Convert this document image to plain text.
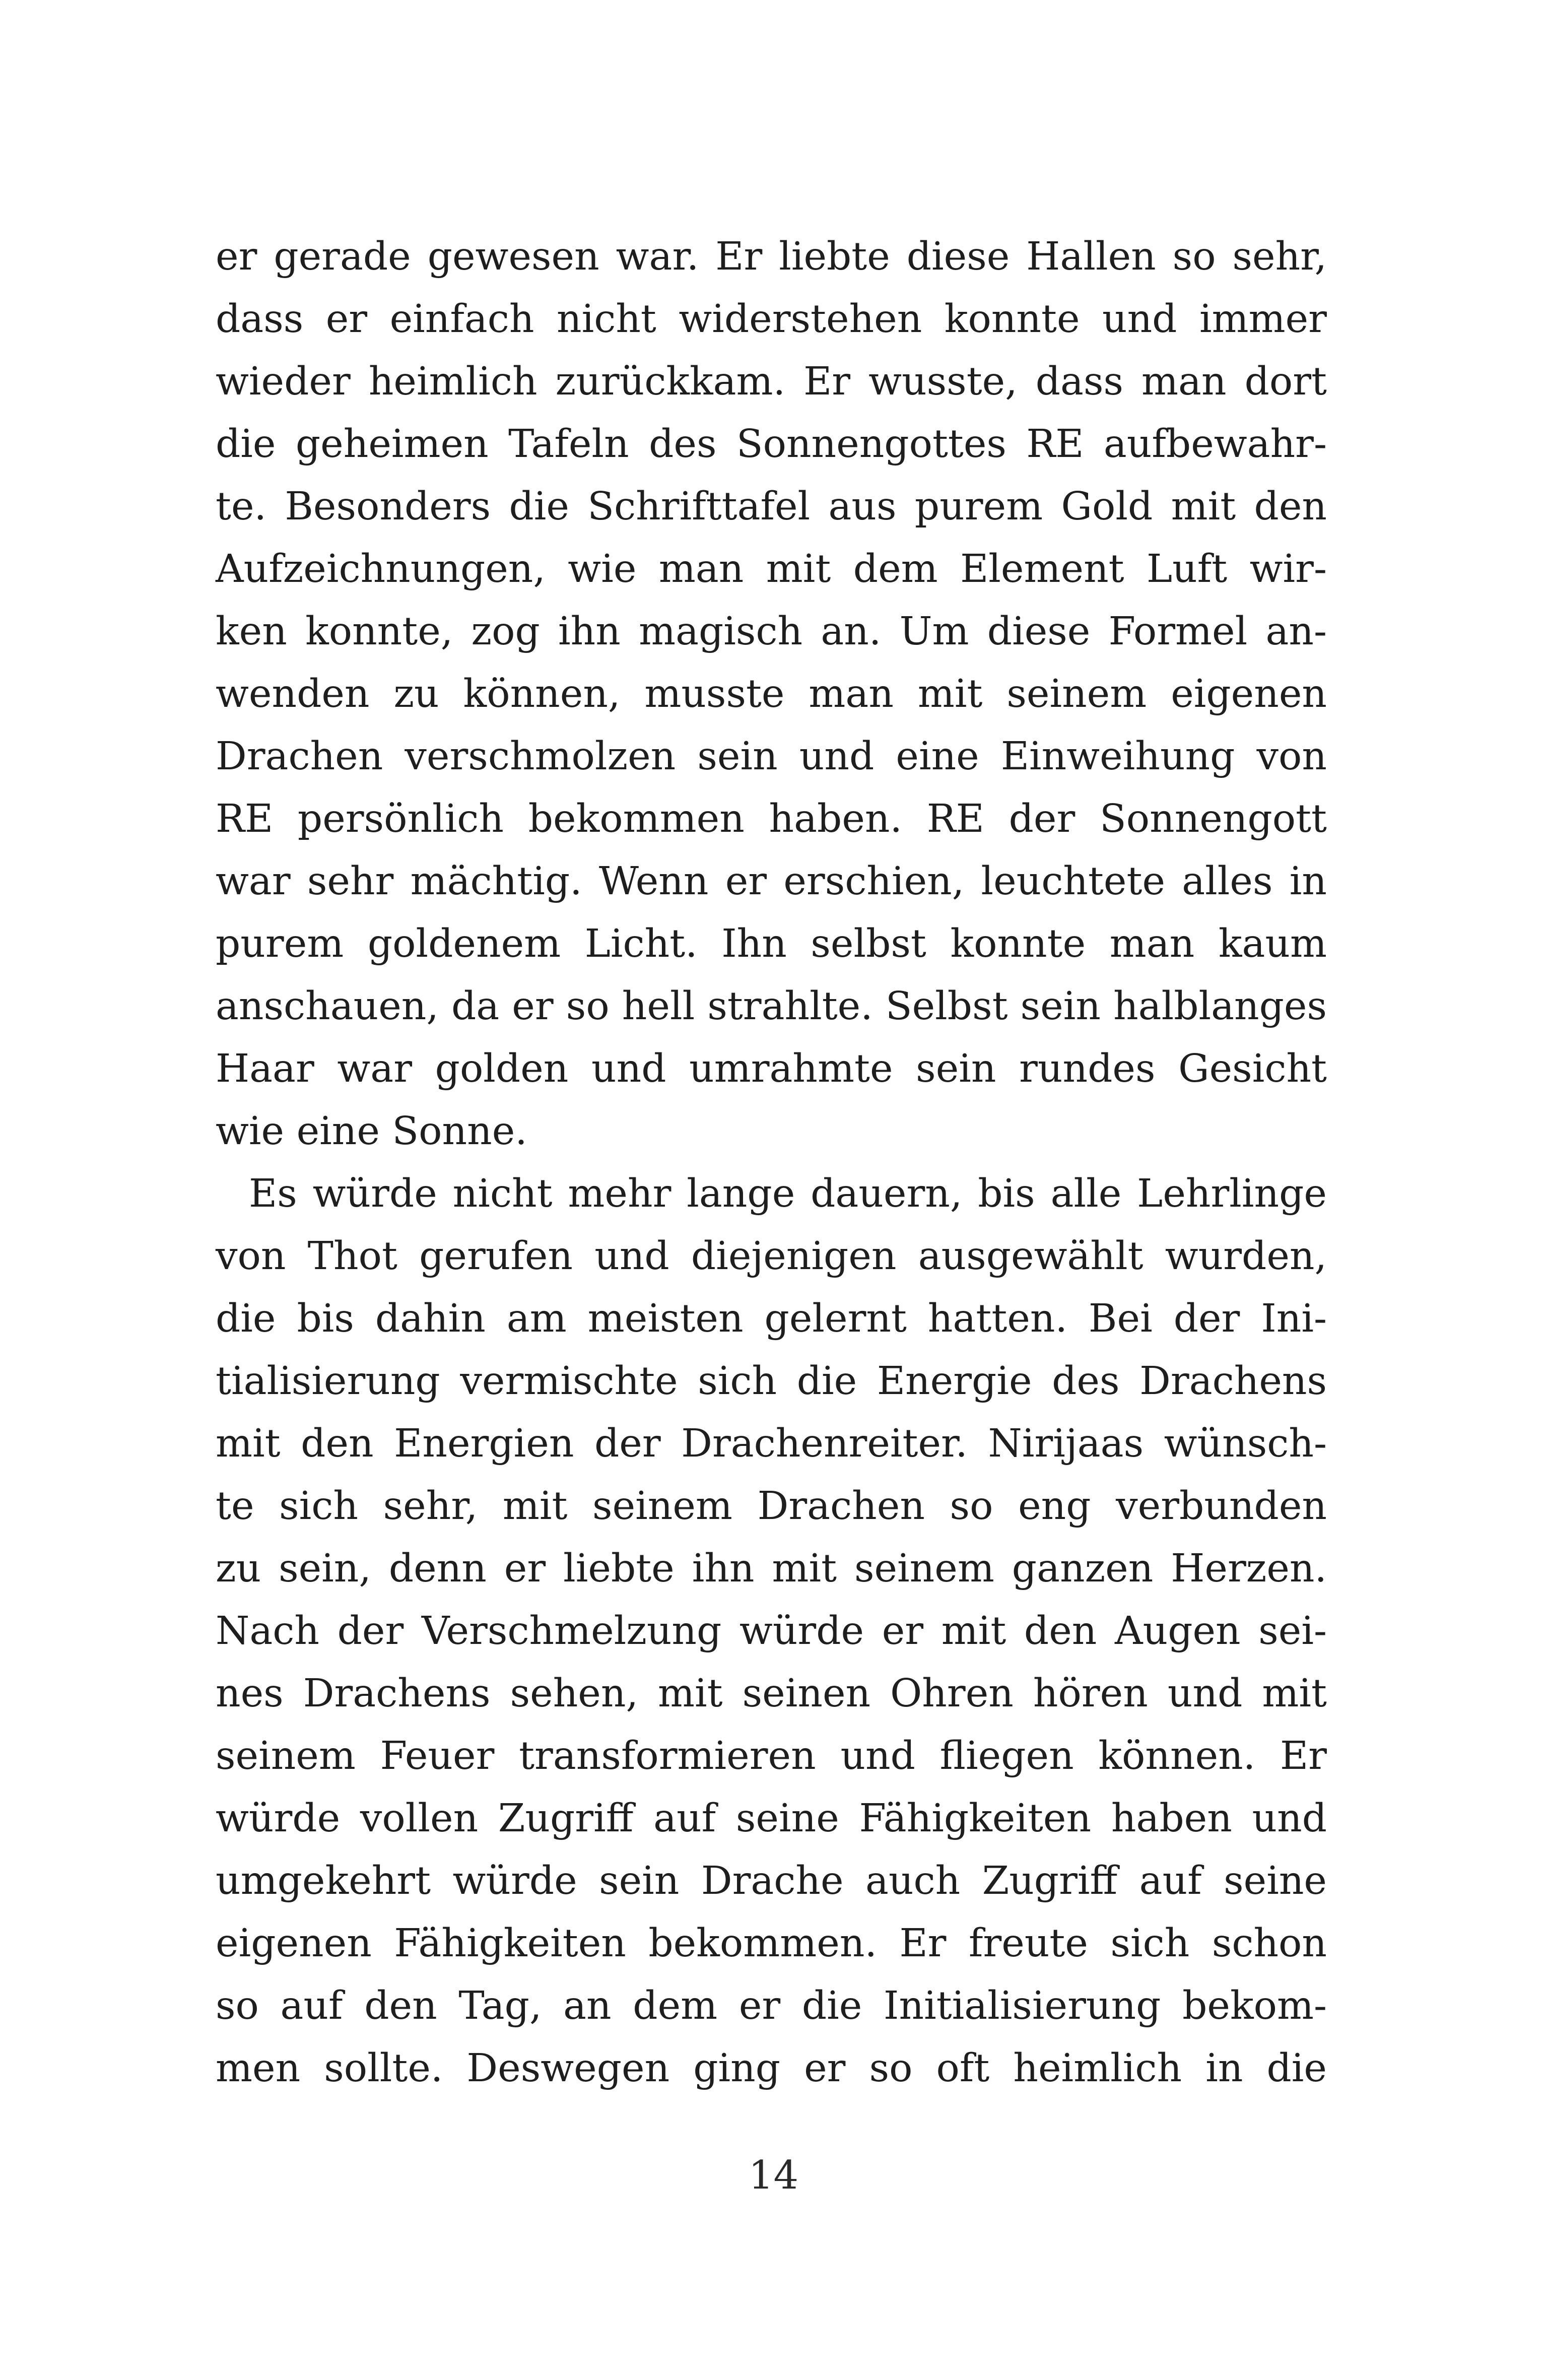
er gerade gewesen war. Er liebte diese Hallen so sehr,
dass er einfach nicht widerstehen konnte und immer
wieder heimlich zurückkam. Er wusste, dass man dort
die geheimen Tafeln des Sonnengottes RE aufbewahr-
te. Besonders die Schrifttafel aus purem Gold mit den
Aufzeichnungen, wie man mit dem Element Luft wir-
ken konnte, zog ihn magisch an. Um diese Formel an-
wenden zu können, musste man mit seinem eigenen
Drachen verschmolzen sein und eine Einweihung von
RE persönlich bekommen haben. RE der Sonnengott
war sehr mächtig. Wenn er erschien, leuchtete alles in
purem goldenem Licht. Ihn selbst konnte man kaum
anschauen, da er so hell strahlte. Selbst sein halblanges
Haar war golden und umrahmte sein rundes Gesicht
wie eine Sonne.
Es würde nicht mehr lange dauern, bis alle Lehrlinge
von Thot gerufen und diejenigen ausgewählt wurden,
die bis dahin am meisten gelernt hatten. Bei der Ini-
tialisierung vermischte sich die Energie des Drachens
mit den Energien der Drachenreiter. Nirijaas wünsch-
te sich sehr, mit seinem Drachen so eng verbunden
zu sein, denn er liebte ihn mit seinem ganzen Herzen.
Nach der Verschmelzung würde er mit den Augen sei-
nes Drachens sehen, mit seinen Ohren hören und mit
seinem Feuer transformieren und fliegen können. Er
würde vollen Zugriff auf seine Fähigkeiten haben und
umgekehrt würde sein Drache auch Zugriff auf seine
eigenen Fähigkeiten bekommen. Er freute sich schon
so auf den Tag, an dem er die Initialisierung bekom-
men sollte. Deswegen ging er so oft heimlich in die
14
